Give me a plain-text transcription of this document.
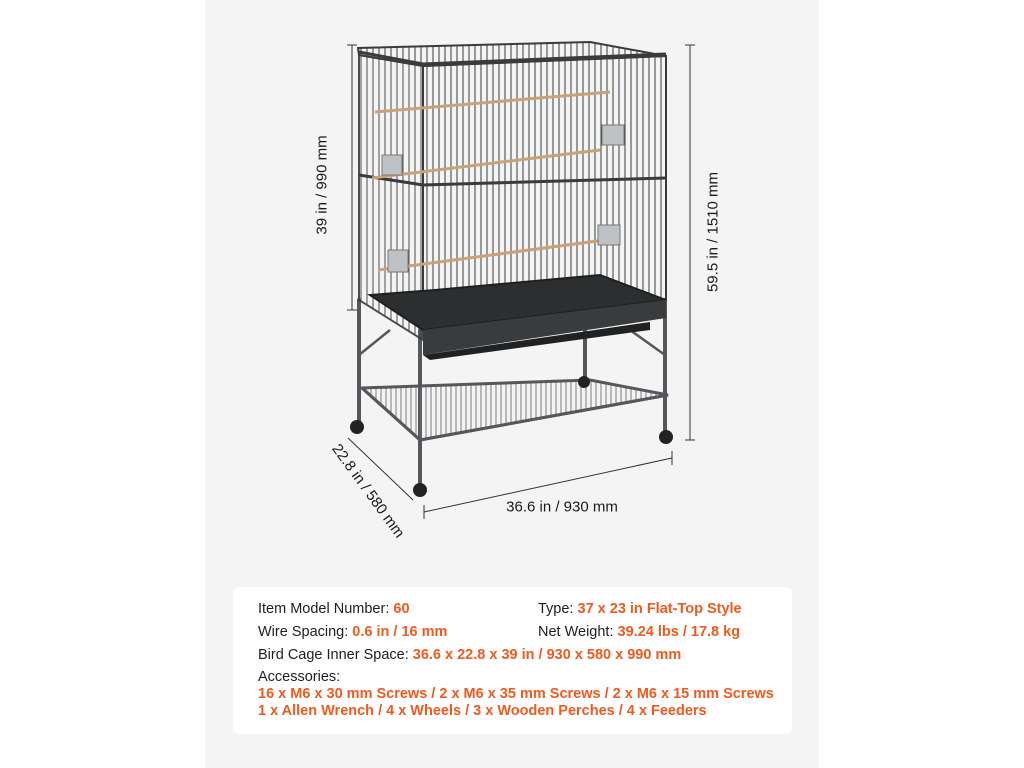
39 in / 990 mm	59.5 in / 1510 mm
36.6 in / 930 mm
22.8 in / 580 mm
Item Model Number: 60	Type: 37 x 23 in Flat-Top Style
Wire Spacing: 0.6 in / 16 mm	Net Weight: 39.24 lbs / 17.8 kg
Bird Cage Inner Space: 36.6 x 22.8 x 39 in / 930 x 580 x 990 mm
Accessories:
16 x M6 x 30 mm Screws / 2 x M6 x 35 mm Screws / 2 x M6 x 15 mm Screws
1 x Allen Wrench / 4 x Wheels / 3 x Wooden Perches / 4 x Feeders
